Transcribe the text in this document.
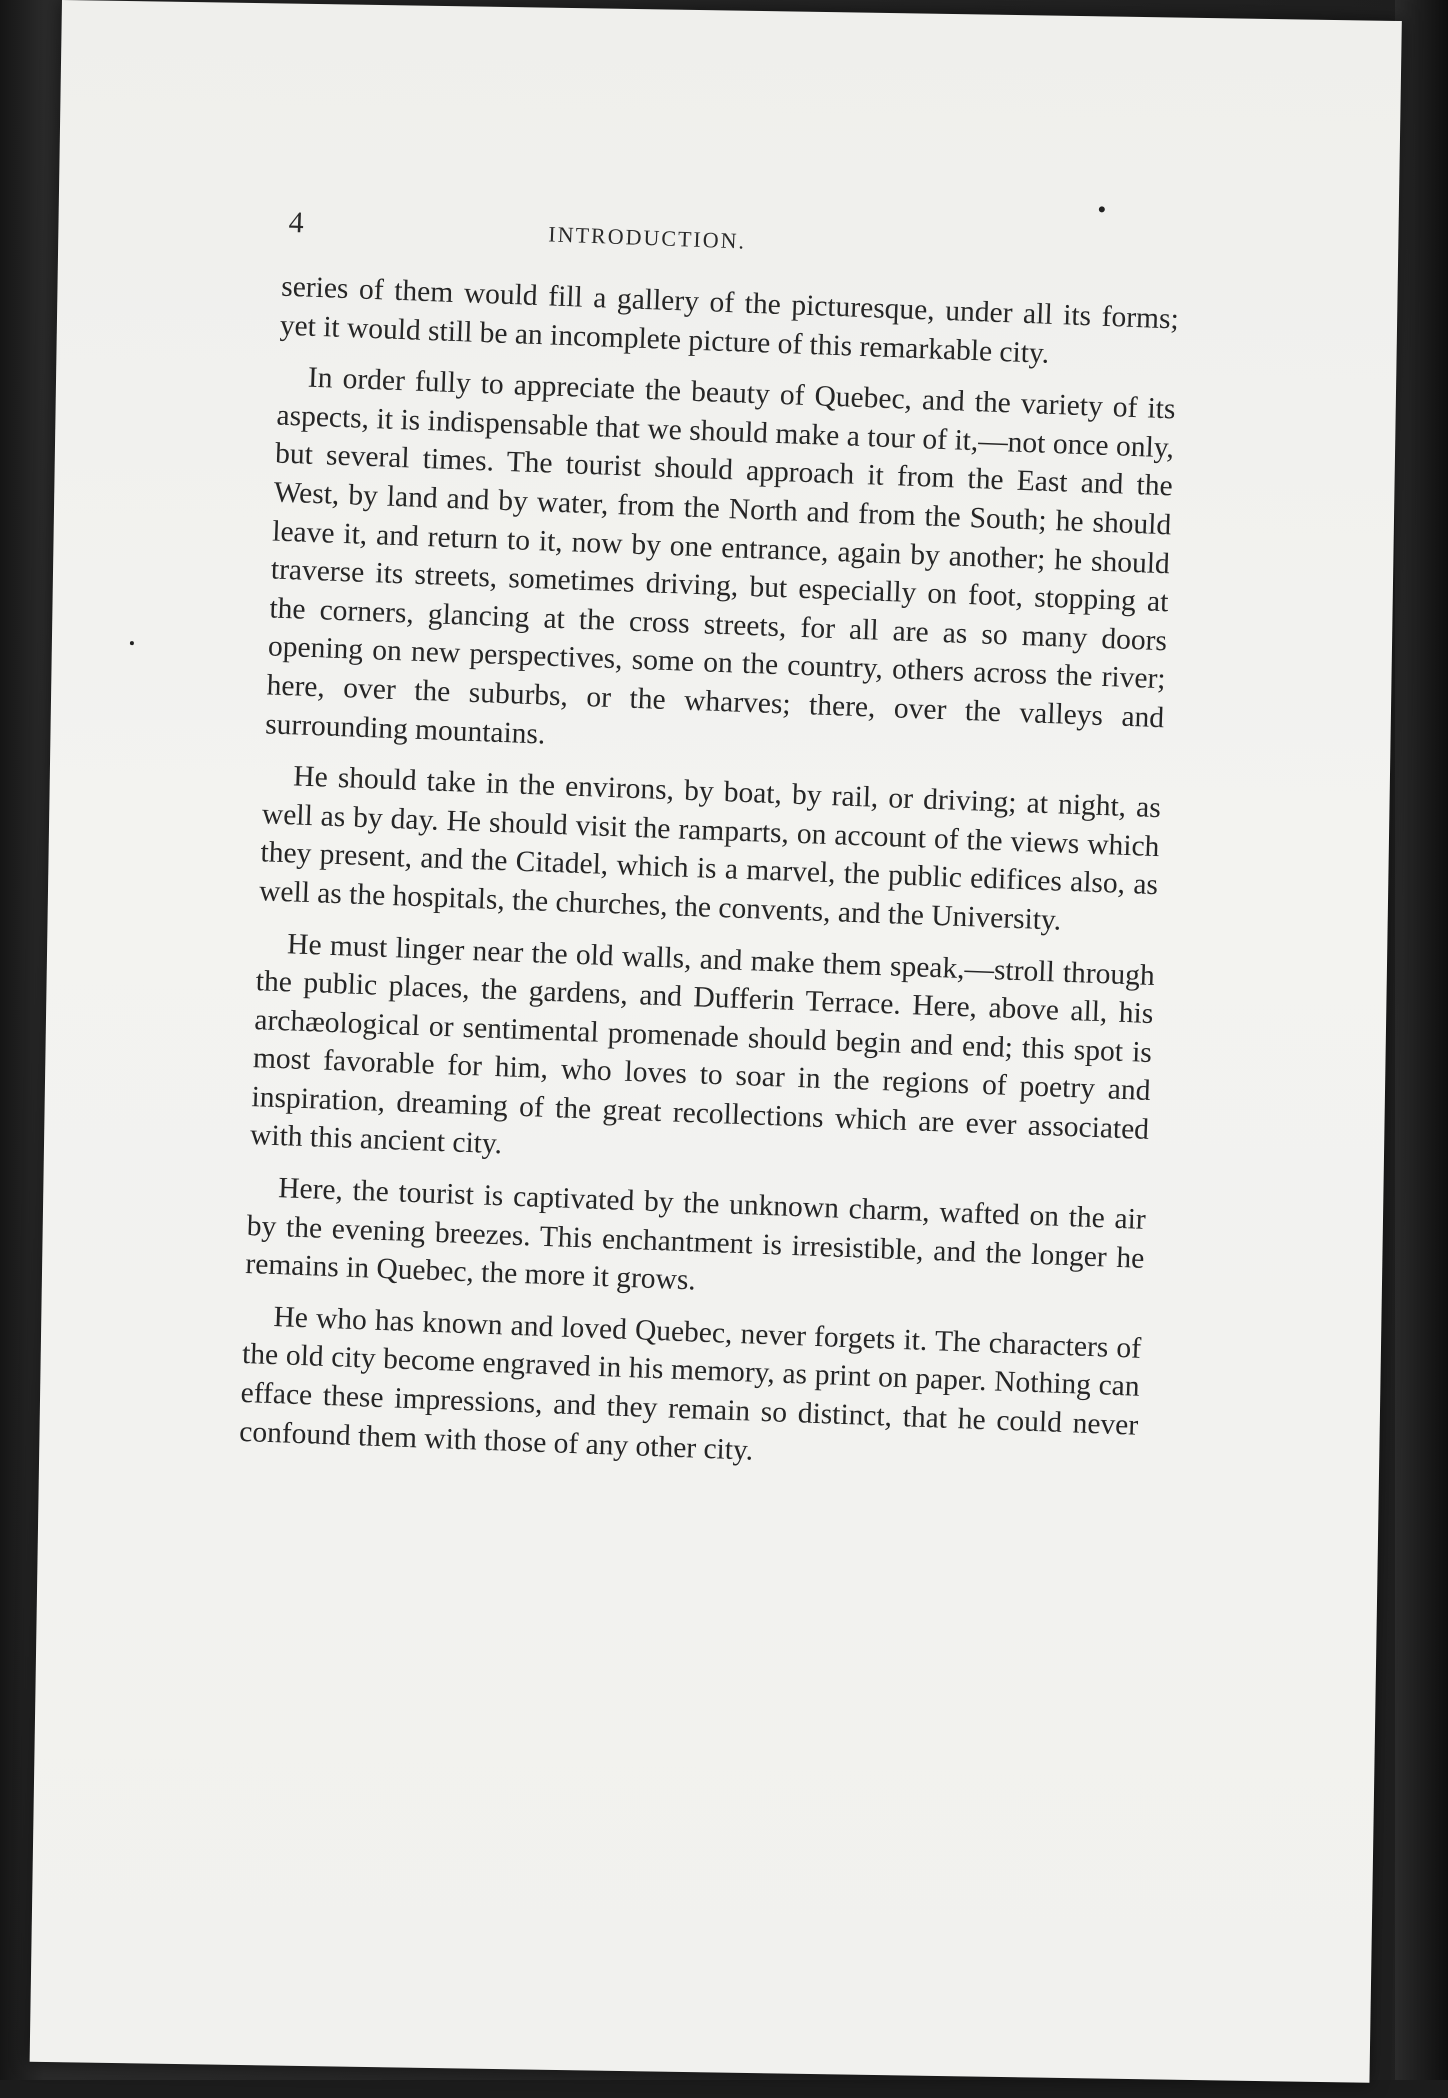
4	INTRODUCTION.

series of them would fill a gallery of the picturesque, under all its forms; yet it would still be an incomplete picture of this remarkable city.

In order fully to appreciate the beauty of Quebec, and the variety of its aspects, it is indispensable that we should make a tour of it,—not once only, but several times. The tourist should approach it from the East and the West, by land and by water, from the North and from the South; he should leave it, and return to it, now by one entrance, again by another; he should traverse its streets, sometimes driving, but especially on foot, stopping at the corners, glancing at the cross streets, for all are as so many doors opening on new perspectives, some on the country, others across the river; here, over the suburbs, or the wharves; there, over the valleys and surrounding mountains.

He should take in the environs, by boat, by rail, or driving; at night, as well as by day. He should visit the ramparts, on account of the views which they present, and the Citadel, which is a marvel, the public edifices also, as well as the hospitals, the churches, the convents, and the University.

He must linger near the old walls, and make them speak,—stroll through the public places, the gardens, and Dufferin Terrace. Here, above all, his archæological or sentimental promenade should begin and end; this spot is most favorable for him, who loves to soar in the regions of poetry and inspiration, dreaming of the great recollections which are ever associated with this ancient city.

Here, the tourist is captivated by the unknown charm, wafted on the air by the evening breezes. This enchantment is irresistible, and the longer he remains in Quebec, the more it grows.

He who has known and loved Quebec, never forgets it. The characters of the old city become engraved in his memory, as print on paper. Nothing can efface these impressions, and they remain so distinct, that he could never confound them with those of any other city.
